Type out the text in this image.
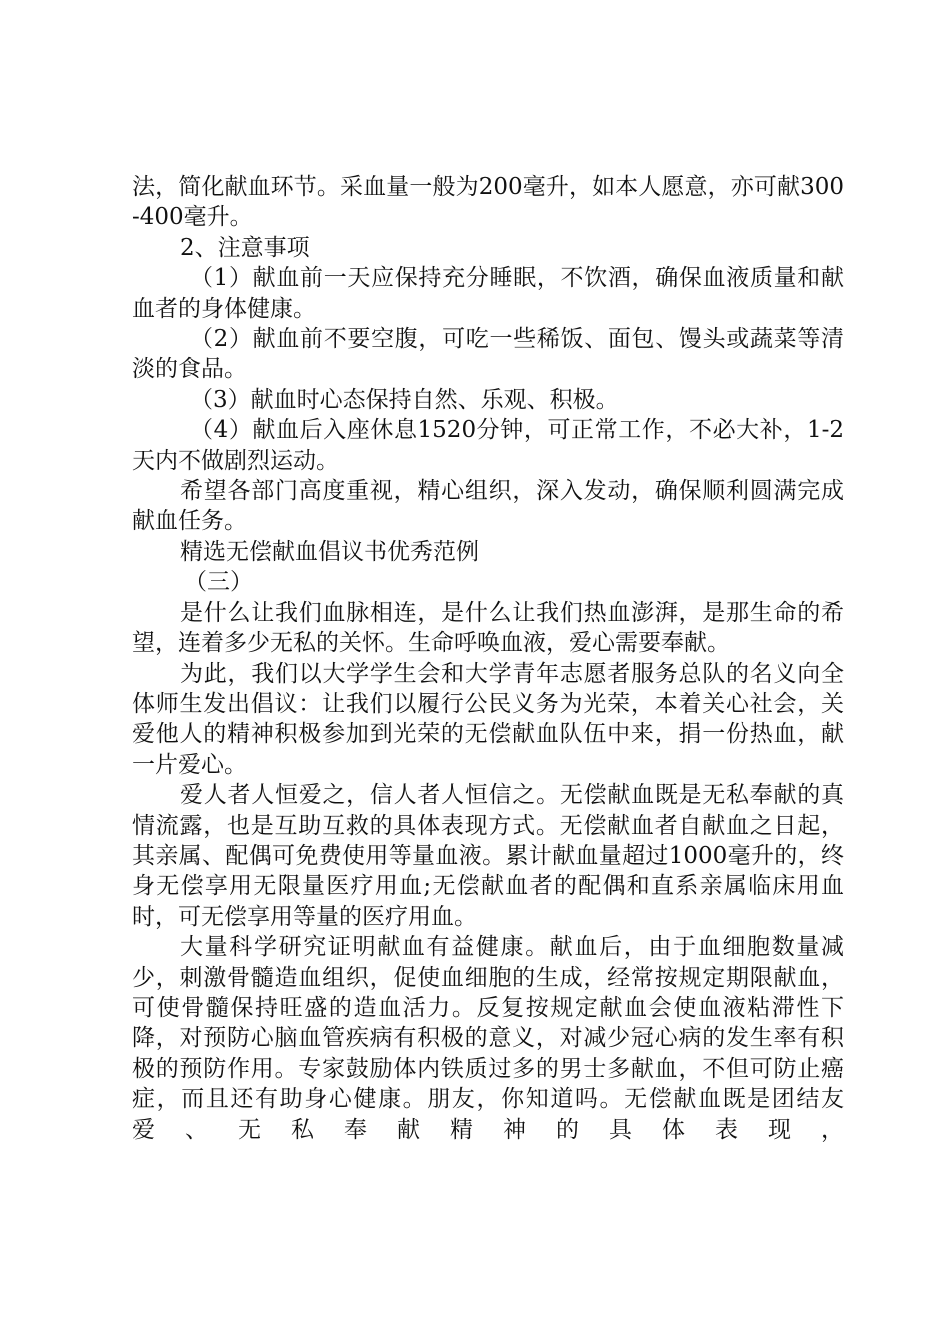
法，简化献血环节。采血量一般为200毫升，如本人愿意，亦可献300-400毫升。

2、注意事项

（1）献血前一天应保持充分睡眠，不饮酒，确保血液质量和献血者的身体健康。

（2）献血前不要空腹，可吃一些稀饭、面包、馒头或蔬菜等清淡的食品。

（3）献血时心态保持自然、乐观、积极。

（4）献血后入座休息1520分钟，可正常工作，不必大补，1-2天内不做剧烈运动。

希望各部门高度重视，精心组织，深入发动，确保顺利圆满完成献血任务。

精选无偿献血倡议书优秀范例

（三）

是什么让我们血脉相连，是什么让我们热血澎湃，是那生命的希望，连着多少无私的关怀。生命呼唤血液，爱心需要奉献。

为此，我们以大学学生会和大学青年志愿者服务总队的名义向全体师生发出倡议：让我们以履行公民义务为光荣，本着关心社会，关爱他人的精神积极参加到光荣的无偿献血队伍中来，捐一份热血，献一片爱心。

爱人者人恒爱之，信人者人恒信之。无偿献血既是无私奉献的真情流露，也是互助互救的具体表现方式。无偿献血者自献血之日起，其亲属、配偶可免费使用等量血液。累计献血量超过1000毫升的，终身无偿享用无限量医疗用血;无偿献血者的配偶和直系亲属临床用血时，可无偿享用等量的医疗用血。

大量科学研究证明献血有益健康。献血后，由于血细胞数量减少，刺激骨髓造血组织，促使血细胞的生成，经常按规定期限献血，可使骨髓保持旺盛的造血活力。反复按规定献血会使血液粘滞性下降，对预防心脑血管疾病有积极的意义，对减少冠心病的发生率有积极的预防作用。专家鼓励体内铁质过多的男士多献血，不但可防止癌症，而且还有助身心健康。朋友，你知道吗。无偿献血既是团结友爱、无私奉献精神的具体表现，
